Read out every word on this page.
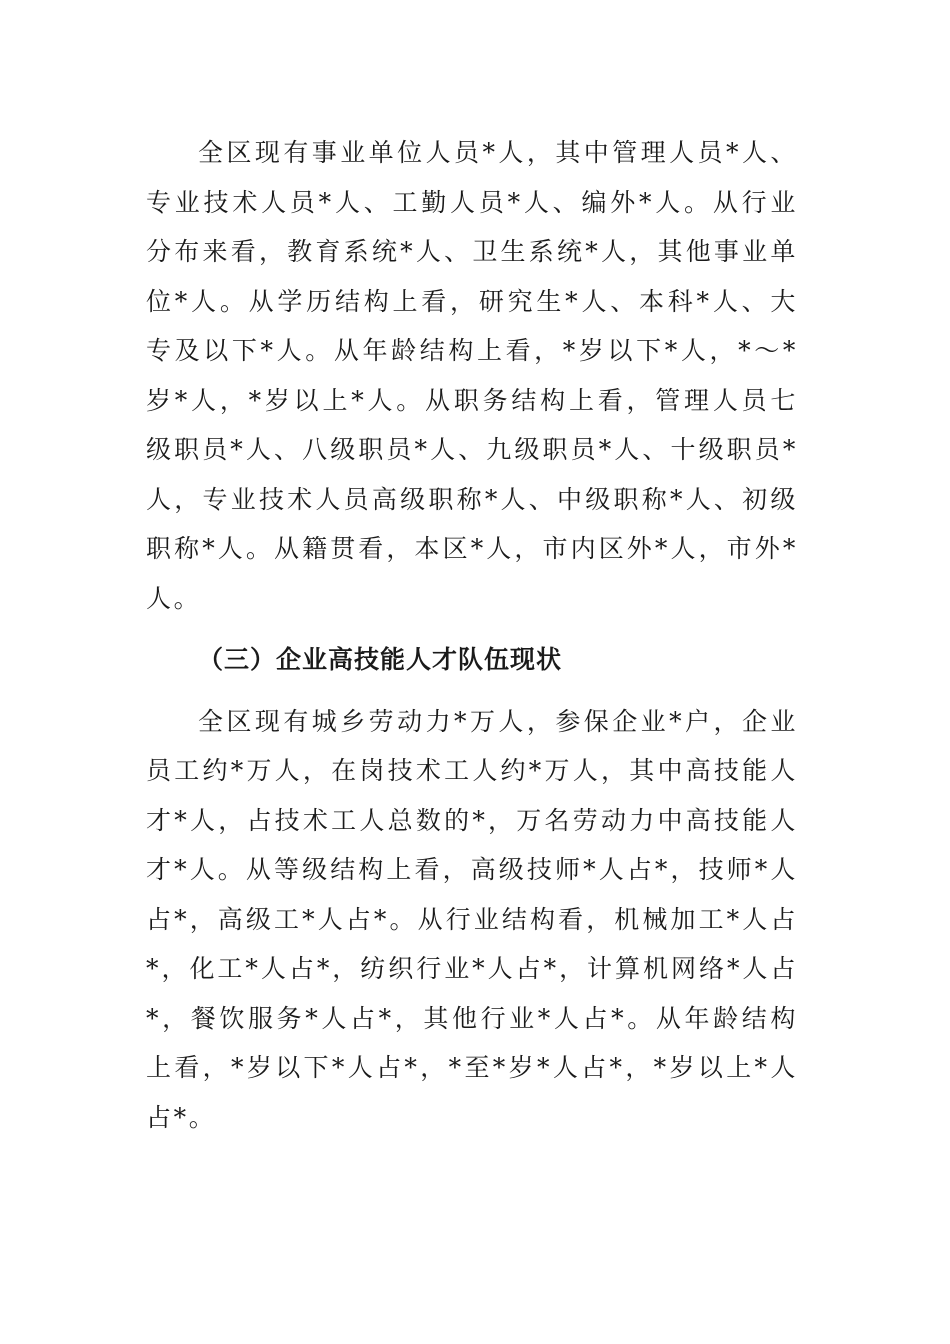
全区现有事业单位人员*人，其中管理人员*人、专业技术人员*人、工勤人员*人、编外*人。从行业分布来看，教育系统*人、卫生系统*人，其他事业单位*人。从学历结构上看，研究生*人、本科*人、大专及以下*人。从年龄结构上看，*岁以下*人，*～*岁*人，*岁以上*人。从职务结构上看，管理人员七级职员*人、八级职员*人、九级职员*人、十级职员*人，专业技术人员高级职称*人、中级职称*人、初级职称*人。从籍贯看，本区*人，市内区外*人，市外*人。

（三）企业高技能人才队伍现状

全区现有城乡劳动力*万人，参保企业*户，企业员工约*万人，在岗技术工人约*万人，其中高技能人才*人，占技术工人总数的*，万名劳动力中高技能人才*人。从等级结构上看，高级技师*人占*，技师*人占*，高级工*人占*。从行业结构看，机械加工*人占*，化工*人占*，纺织行业*人占*，计算机网络*人占*，餐饮服务*人占*，其他行业*人占*。从年龄结构上看，*岁以下*人占*，*至*岁*人占*，*岁以上*人占*。
